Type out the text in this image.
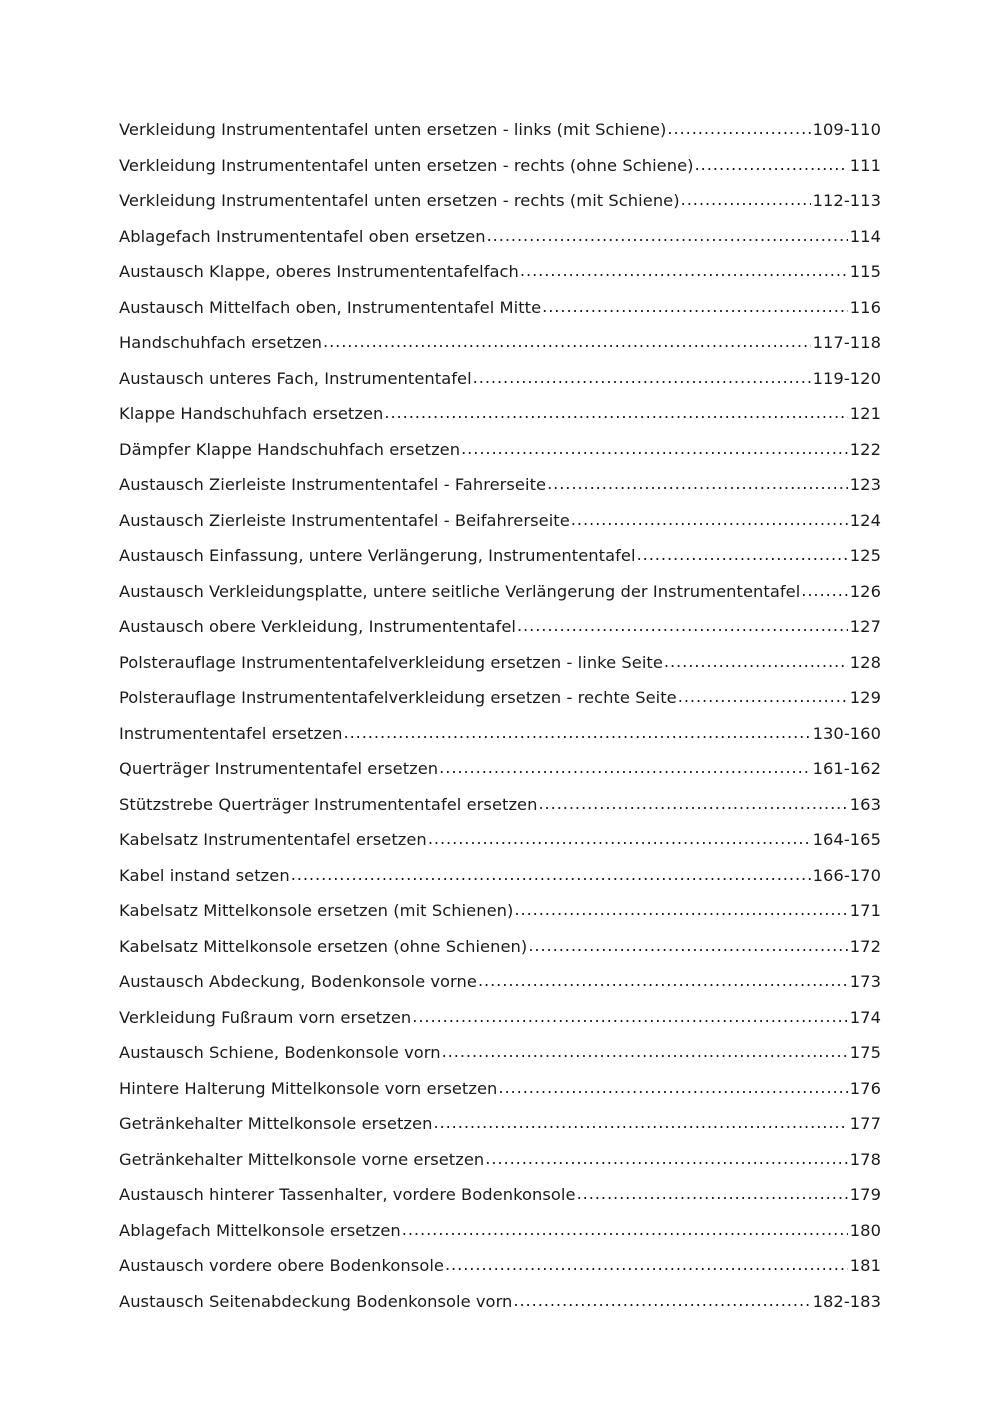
Verkleidung Instrumententafel unten ersetzen - links (mit Schiene) .....	109-110
Verkleidung Instrumententafel unten ersetzen - rechts (ohne Schiene) .....	111
Verkleidung Instrumententafel unten ersetzen - rechts (mit Schiene) .....	112-113
Ablagefach Instrumententafel oben ersetzen .....	114
Austausch Klappe, oberes Instrumententafelfach .....	115
Austausch Mittelfach oben, Instrumententafel Mitte .....	116
Handschuhfach ersetzen .....	117-118
Austausch unteres Fach, Instrumententafel .....	119-120
Klappe Handschuhfach ersetzen .....	121
Dämpfer Klappe Handschuhfach ersetzen .....	122
Austausch Zierleiste Instrumententafel - Fahrerseite .....	123
Austausch Zierleiste Instrumententafel - Beifahrerseite .....	124
Austausch Einfassung, untere Verlängerung, Instrumententafel .....	125
Austausch Verkleidungsplatte, untere seitliche Verlängerung der Instrumententafel .....	126
Austausch obere Verkleidung, Instrumententafel .....	127
Polsterauflage Instrumententafelverkleidung ersetzen - linke Seite .....	128
Polsterauflage Instrumententafelverkleidung ersetzen - rechte Seite .....	129
Instrumententafel ersetzen .....	130-160
Querträger Instrumententafel ersetzen .....	161-162
Stützstrebe Querträger Instrumententafel ersetzen .....	163
Kabelsatz Instrumententafel ersetzen .....	164-165
Kabel instand setzen .....	166-170
Kabelsatz Mittelkonsole ersetzen (mit Schienen) .....	171
Kabelsatz Mittelkonsole ersetzen (ohne Schienen) .....	172
Austausch Abdeckung, Bodenkonsole vorne .....	173
Verkleidung Fußraum vorn ersetzen .....	174
Austausch Schiene, Bodenkonsole vorn .....	175
Hintere Halterung Mittelkonsole vorn ersetzen .....	176
Getränkehalter Mittelkonsole ersetzen .....	177
Getränkehalter Mittelkonsole vorne ersetzen .....	178
Austausch hinterer Tassenhalter, vordere Bodenkonsole .....	179
Ablagefach Mittelkonsole ersetzen .....	180
Austausch vordere obere Bodenkonsole .....	181
Austausch Seitenabdeckung Bodenkonsole vorn .....	182-183
